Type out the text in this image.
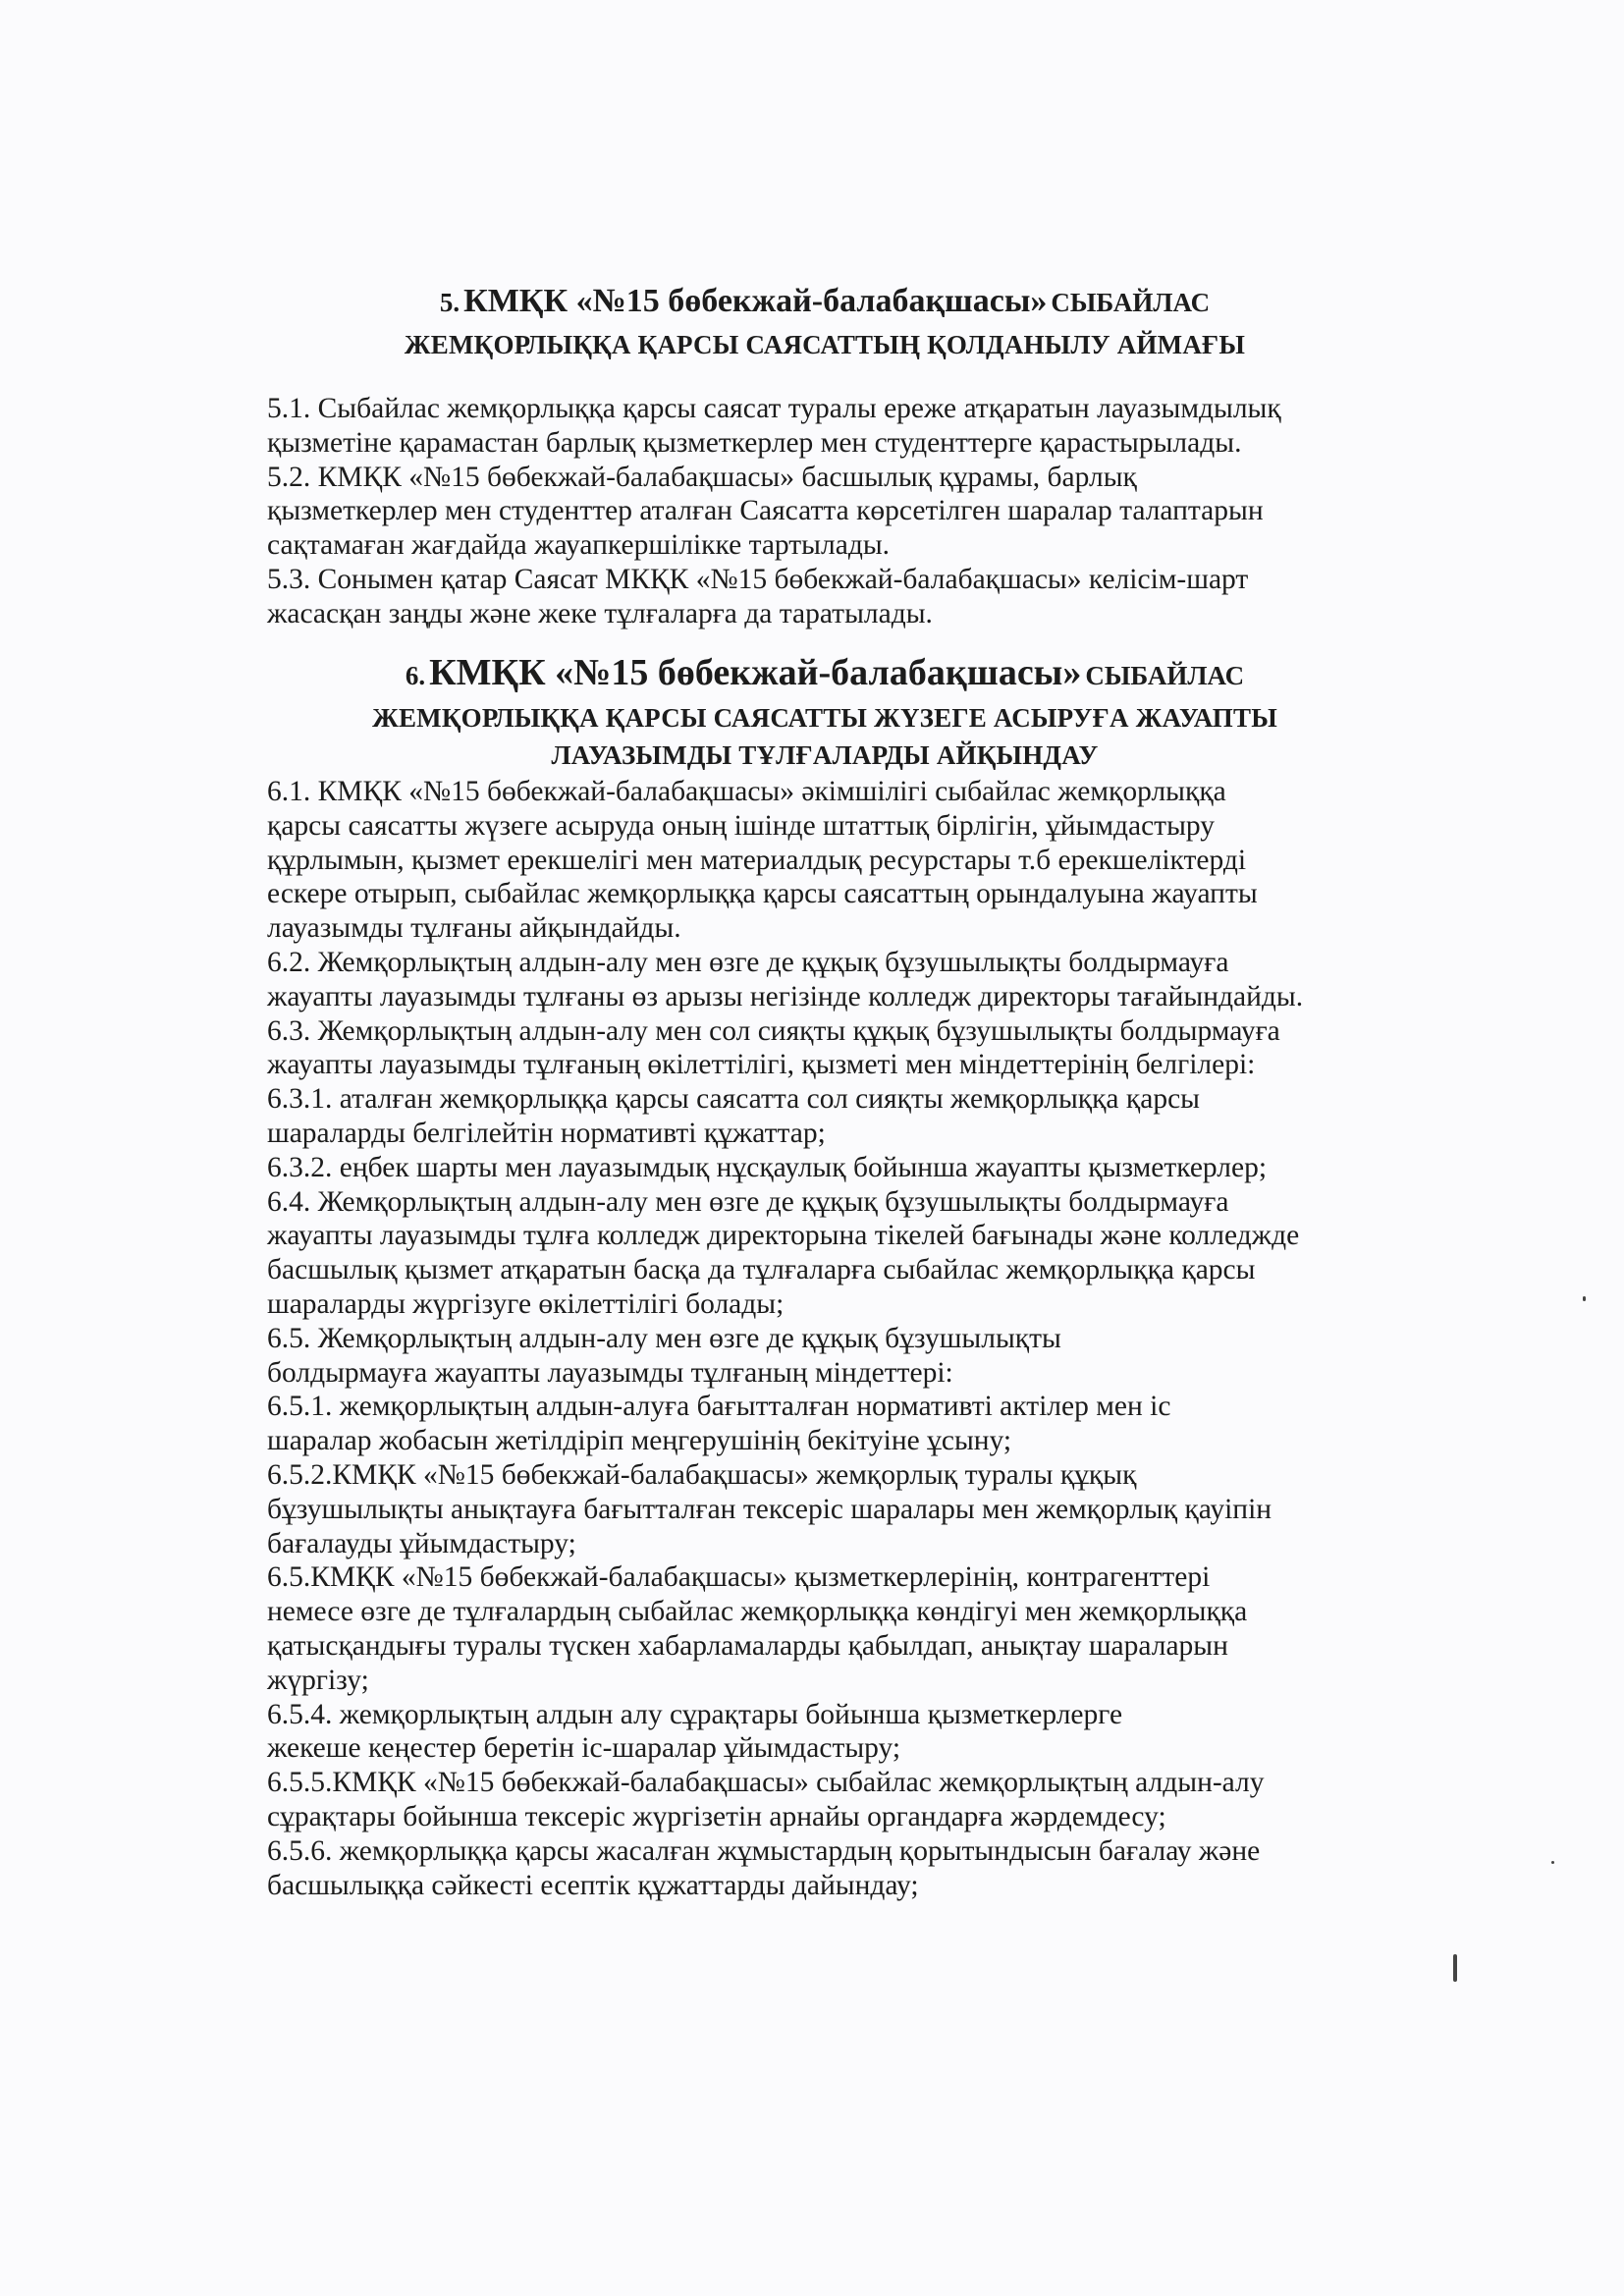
5. КМҚК «№15 бөбекжай-балабақшасы» СЫБАЙЛАС
ЖЕМҚОРЛЫҚҚА ҚАРСЫ САЯСАТТЫҢ ҚОЛДАНЫЛУ АЙМАҒЫ

5.1. Сыбайлас жемқорлыққа қарсы саясат туралы ереже атқаратын лауазымдылық

қызметіне қарамастан барлық қызметкерлер мен студенттерге қарастырылады.

5.2. КМҚК «№15 бөбекжай-балабақшасы» басшылық құрамы, барлық

қызметкерлер мен студенттер аталған Саясатта көрсетілген шаралар талаптарын

сақтамаған жағдайда жауапкершілікке тартылады.

5.3. Сонымен қатар Саясат МКҚК «№15 бөбекжай-балабақшасы» келісім-шарт

жасасқан заңды және жеке тұлғаларға да таратылады.

6. КМҚК «№15 бөбекжай-балабақшасы» СЫБАЙЛАС
ЖЕМҚОРЛЫҚҚА ҚАРСЫ САЯСАТТЫ ЖҮЗЕГЕ АСЫРУҒА ЖАУАПТЫ
ЛАУАЗЫМДЫ ТҰЛҒАЛАРДЫ АЙҚЫНДАУ

6.1. КМҚК «№15 бөбекжай-балабақшасы» әкімшілігі сыбайлас жемқорлыққа

қарсы саясатты жүзеге асыруда оның ішінде штаттық бірлігін, ұйымдастыру

құрлымын, қызмет ерекшелігі мен материалдық ресурстары т.б ерекшеліктерді

ескере отырып, сыбайлас жемқорлыққа қарсы саясаттың орындалуына жауапты

лауазымды тұлғаны айқындайды.

6.2. Жемқорлықтың алдын-алу мен өзге де құқық бұзушылықты болдырмауға

жауапты лауазымды тұлғаны өз арызы негізінде колледж директоры тағайындайды.

6.3. Жемқорлықтың алдын-алу мен сол сияқты құқық бұзушылықты болдырмауға

жауапты лауазымды тұлғаның өкілеттілігі, қызметі мен міндеттерінің белгілері:

6.3.1. аталған жемқорлыққа қарсы саясатта сол сияқты жемқорлыққа қарсы

шараларды белгілейтін нормативті құжаттар;

6.3.2. еңбек шарты мен лауазымдық нұсқаулық бойынша жауапты қызметкерлер;

6.4. Жемқорлықтың алдын-алу мен өзге де құқық бұзушылықты болдырмауға

жауапты лауазымды тұлға колледж директорына тікелей бағынады және колледжде

басшылық қызмет атқаратын басқа да тұлғаларға сыбайлас жемқорлыққа қарсы

шараларды жүргізуге өкілеттілігі болады;

6.5. Жемқорлықтың алдын-алу мен өзге де құқық бұзушылықты

болдырмауға жауапты лауазымды тұлғаның міндеттері:

6.5.1. жемқорлықтың алдын-алуға бағытталған нормативті актілер мен іс

шаралар жобасын жетілдіріп меңгерушінің бекітуіне ұсыну;

6.5.2.КМҚК «№15 бөбекжай-балабақшасы» жемқорлық туралы құқық

бұзушылықты анықтауға бағытталған тексеріс шаралары мен жемқорлық қауіпін

бағалауды ұйымдастыру;

6.5.КМҚК «№15 бөбекжай-балабақшасы» қызметкерлерінің, контрагенттері

немесе өзге де тұлғалардың сыбайлас жемқорлыққа көндігуі мен жемқорлыққа

қатысқандығы туралы түскен хабарламаларды қабылдап, анықтау шараларын

жүргізу;

6.5.4. жемқорлықтың алдын алу сұрақтары бойынша қызметкерлерге

жекеше кеңестер беретін іс-шаралар ұйымдастыру;

6.5.5.КМҚК «№15 бөбекжай-балабақшасы» сыбайлас жемқорлықтың алдын-алу

сұрақтары бойынша тексеріс жүргізетін арнайы органдарға жәрдемдесу;

6.5.6. жемқорлыққа қарсы жасалған жұмыстардың қорытындысын бағалау және

басшылыққа сәйкесті есептік құжаттарды дайындау;
